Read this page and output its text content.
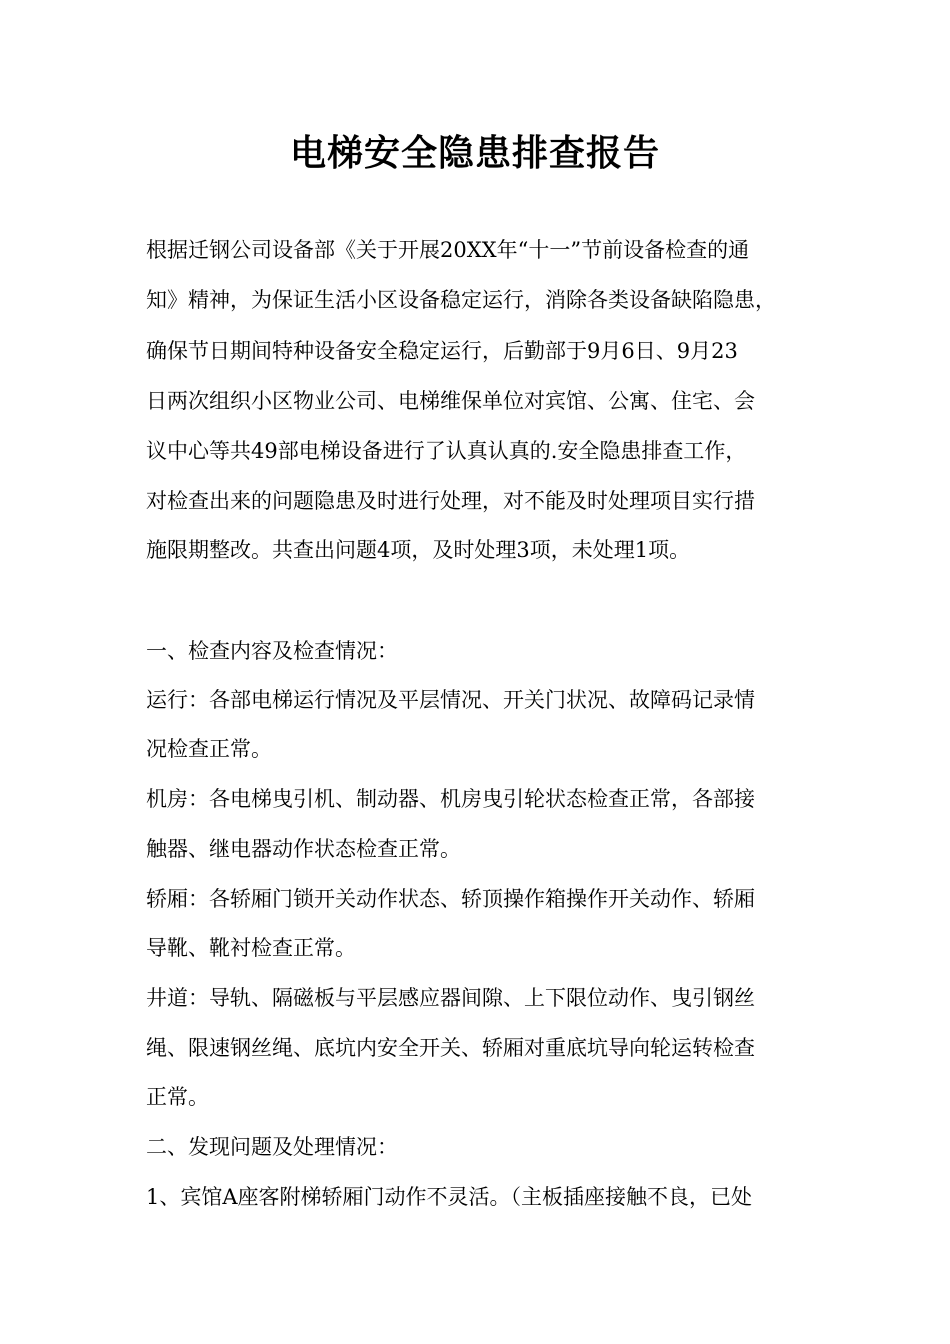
电梯安全隐患排查报告

根据迁钢公司设备部《关于开展20XX年“十一”节前设备检查的通

知》精神，为保证生活小区设备稳定运行，消除各类设备缺陷隐患，

确保节日期间特种设备安全稳定运行，后勤部于9月6日、9月23

日两次组织小区物业公司、电梯维保单位对宾馆、公寓、住宅、会

议中心等共49部电梯设备进行了认真认真的.安全隐患排查工作，

对检查出来的问题隐患及时进行处理，对不能及时处理项目实行措

施限期整改。共查出问题4项，及时处理3项，未处理1项。

一、检查内容及检查情况：

运行：各部电梯运行情况及平层情况、开关门状况、故障码记录情

况检查正常。

机房：各电梯曳引机、制动器、机房曳引轮状态检查正常，各部接

触器、继电器动作状态检查正常。

轿厢：各轿厢门锁开关动作状态、轿顶操作箱操作开关动作、轿厢

导靴、靴衬检查正常。

井道：导轨、隔磁板与平层感应器间隙、上下限位动作、曳引钢丝

绳、限速钢丝绳、底坑内安全开关、轿厢对重底坑导向轮运转检查

正常。

二、发现问题及处理情况：

1、宾馆A座客附梯轿厢门动作不灵活。（主板插座接触不良，已处
